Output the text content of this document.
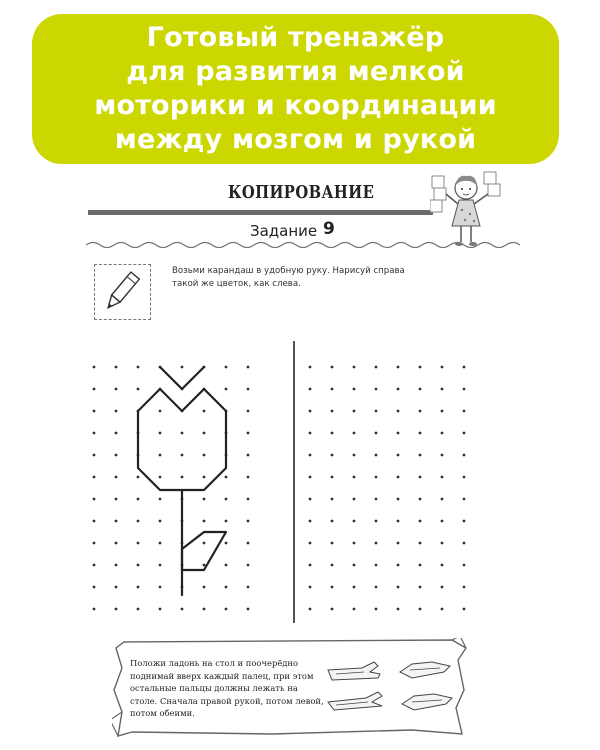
Готовый тренажёр
для развития мелкой
моторики и координации
между мозгом и рукой
КОПИРОВАНИЕ
Задание 9
Возьми карандаш в удобную руку. Нарисуй справа такой же цветок, как слева.
Положи ладонь на стол и поочерёдно поднимай вверх каждый палец, при этом остальные пальцы должны лежать на столе. Сначала правой рукой, потом левой, потом обеими.
